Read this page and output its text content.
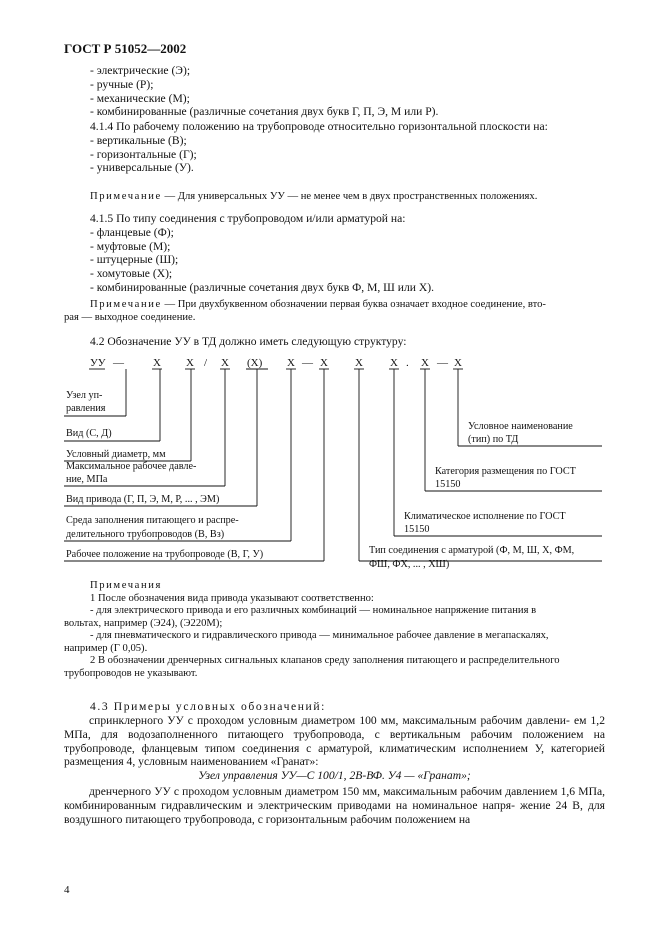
ГОСТ Р 51052—2002
- электрические (Э);
- ручные (Р);
- механические (М);
- комбинированные (различные сочетания двух букв Г, П, Э, М или Р).
4.1.4 По рабочему положению на трубопроводе относительно горизонтальной плоскости на:
- вертикальные (В);
- горизонтальные (Г);
- универсальные (У).
Примечание — Для универсальных УУ — не менее чем в двух пространственных положениях.
4.1.5 По типу соединения с трубопроводом и/или арматурой на:
- фланцевые (Ф);
- муфтовые (М);
- штуцерные (Ш);
- хомутовые (Х);
- комбинированные (различные сочетания двух букв Ф, М, Ш или Х).
Примечание — При двухбуквенном обозначении первая буква означает входное соединение, вто-
рая — выходное соединение.
4.2 Обозначение УУ в ТД должно иметь следующую структуру:
УУ —	Х Х / Х (Х) Х — Х Х Х . Х — Х
Узел уп-
равления
Вид (С, Д)
Условный диаметр, мм
Максимальное рабочее давле-
ние, МПа
Вид привода (Г, П, Э, М, Р, ... , ЭМ)
Среда заполнения питающего и распре-
делительного трубопроводов (В, Вз)
Рабочее положение на трубопроводе (В, Г, У)
Условное наименование
(тип) по ТД
Категория размещения по ГОСТ
15150
Климатическое исполнение по ГОСТ
15150
Тип соединения с арматурой (Ф, М, Ш, Х, ФМ,
ФШ, ФХ, ... , ХШ)
Примечания
1 После обозначения вида привода указывают соответственно:
- для электрического привода и его различных комбинаций — номинальное напряжение питания в
вольтах, например (Э24), (Э220М);
- для пневматического и гидравлического привода — минимальное рабочее давление в мегапаскалях,
например (Г 0,05).
2 В обозначении дренчерных сигнальных клапанов среду заполнения питающего и распределительного
трубопроводов не указывают.
4.3 Примеры условных обозначений:
спринклерного УУ с проходом условным диаметром 100 мм, максимальным рабочим давлени- ем 1,2 МПа, для водозаполненного питающего трубопровода, с вертикальным рабочим положением на трубопроводе, фланцевым типом соединения с арматурой, климатическим исполнением У, категорией размещения 4, условным наименованием «Гранат»:
Узел управления УУ—С 100/1, 2В-ВФ. У4 — «Гранат»;
дренчерного УУ с проходом условным диаметром 150 мм, максимальным рабочим давлением 1,6 МПа, комбинированным гидравлическим и электрическим приводами на номинальное напря- жение 24 В, для воздушного питающего трубопровода, с горизонтальным рабочим положением на
4
